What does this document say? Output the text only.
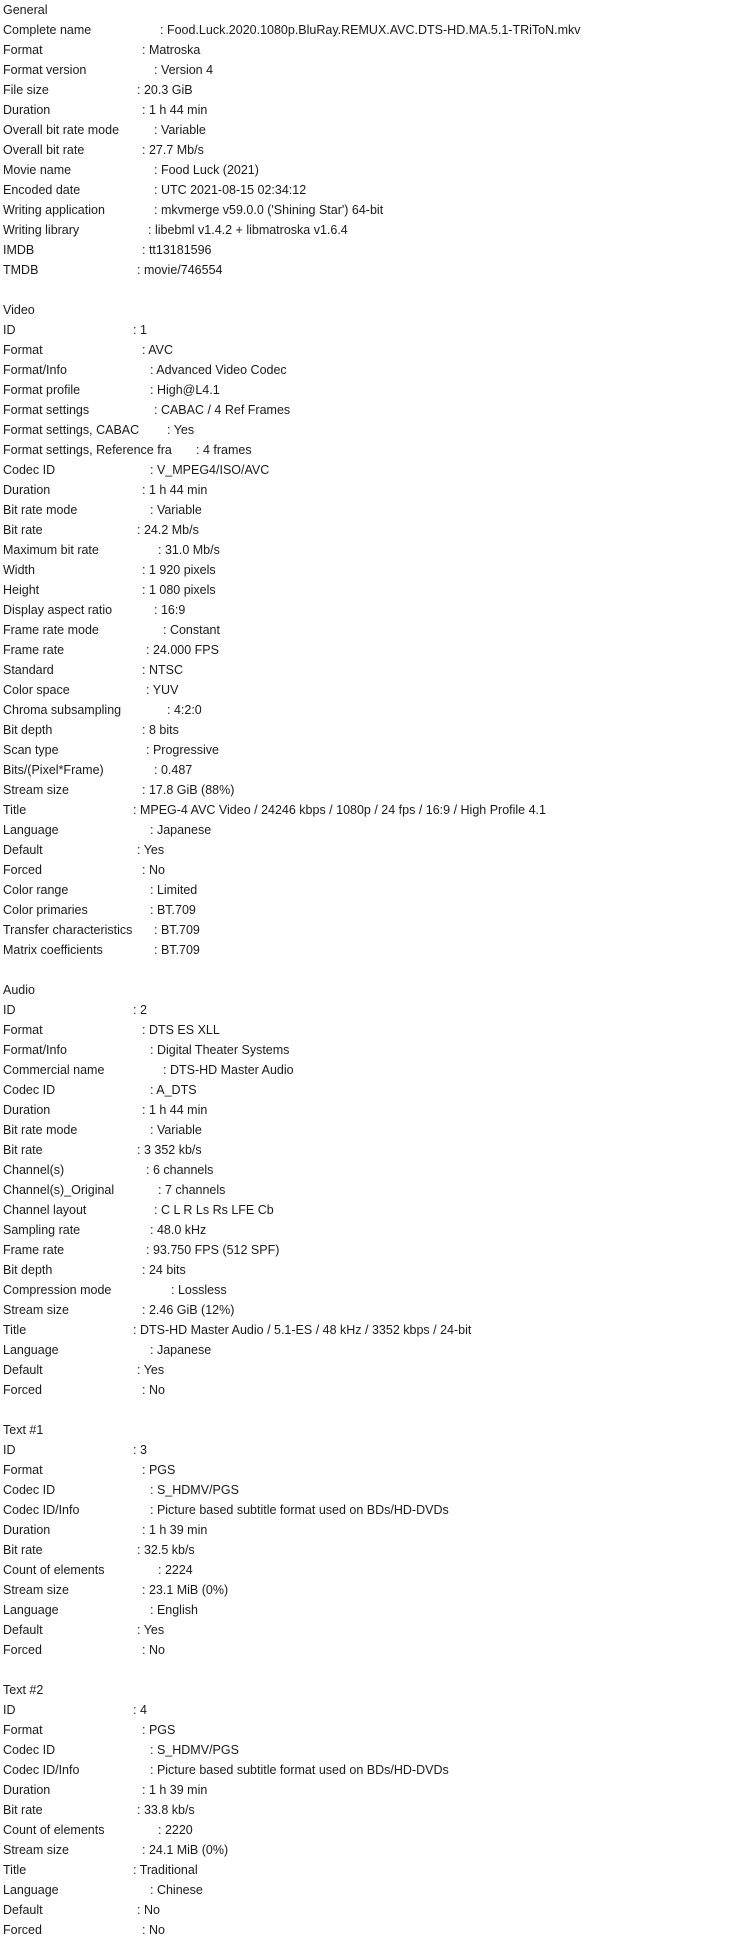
General
Complete name	: Food.Luck.2020.1080p.BluRay.REMUX.AVC.DTS-HD.MA.5.1-TRiToN.mkv
Format	: Matroska
Format version	: Version 4
File size	: 20.3 GiB
Duration	: 1 h 44 min
Overall bit rate mode	: Variable
Overall bit rate	: 27.7 Mb/s
Movie name	: Food Luck (2021)
Encoded date	: UTC 2021-08-15 02:34:12
Writing application	: mkvmerge v59.0.0 ('Shining Star') 64-bit
Writing library	: libebml v1.4.2 + libmatroska v1.6.4
IMDB	: tt13181596
TMDB	: movie/746554
Video
ID	: 1
Format	: AVC
Format/Info	: Advanced Video Codec
Format profile	: High@L4.1
Format settings	: CABAC / 4 Ref Frames
Format settings, CABAC : Yes
Format settings, Reference fra : 4 frames
Codec ID	: V_MPEG4/ISO/AVC
Duration	: 1 h 44 min
Bit rate mode	: Variable
Bit rate	: 24.2 Mb/s
Maximum bit rate	: 31.0 Mb/s
Width	: 1 920 pixels
Height	: 1 080 pixels
Display aspect ratio	: 16:9
Frame rate mode	: Constant
Frame rate	: 24.000 FPS
Standard	: NTSC
Color space	: YUV
Chroma subsampling	: 4:2:0
Bit depth	: 8 bits
Scan type	: Progressive
Bits/(Pixel*Frame)	: 0.487
Stream size	: 17.8 GiB (88%)
Title	: MPEG-4 AVC Video / 24246 kbps / 1080p / 24 fps / 16:9 / High Profile 4.1
Language	: Japanese
Default	: Yes
Forced	: No
Color range	: Limited
Color primaries	: BT.709
Transfer characteristics : BT.709
Matrix coefficients	: BT.709
Audio
ID	: 2
Format	: DTS ES XLL
Format/Info	: Digital Theater Systems
Commercial name	: DTS-HD Master Audio
Codec ID	: A_DTS
Duration	: 1 h 44 min
Bit rate mode	: Variable
Bit rate	: 3 352 kb/s
Channel(s)	: 6 channels
Channel(s)_Original	: 7 channels
Channel layout	: C L R Ls Rs LFE Cb
Sampling rate	: 48.0 kHz
Frame rate	: 93.750 FPS (512 SPF)
Bit depth	: 24 bits
Compression mode	: Lossless
Stream size	: 2.46 GiB (12%)
Title	: DTS-HD Master Audio / 5.1-ES / 48 kHz / 3352 kbps / 24-bit
Language	: Japanese
Default	: Yes
Forced	: No
Text #1
ID	: 3
Format	: PGS
Codec ID	: S_HDMV/PGS
Codec ID/Info	: Picture based subtitle format used on BDs/HD-DVDs
Duration	: 1 h 39 min
Bit rate	: 32.5 kb/s
Count of elements	: 2224
Stream size	: 23.1 MiB (0%)
Language	: English
Default	: Yes
Forced	: No
Text #2
ID	: 4
Format	: PGS
Codec ID	: S_HDMV/PGS
Codec ID/Info	: Picture based subtitle format used on BDs/HD-DVDs
Duration	: 1 h 39 min
Bit rate	: 33.8 kb/s
Count of elements	: 2220
Stream size	: 24.1 MiB (0%)
Title	: Traditional
Language	: Chinese
Default	: No
Forced	: No
